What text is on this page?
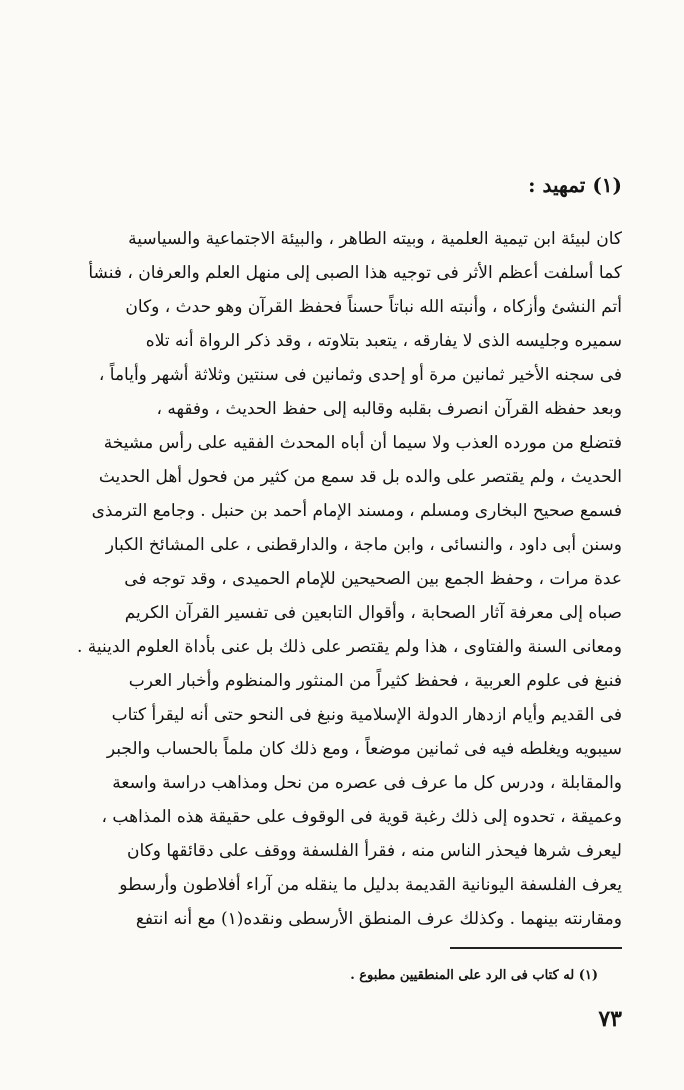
(١) تمهيد :
كان لبيئة ابن تيمية العلمية ، وبيته الطاهر ، والبيئة الاجتماعية والسياسية
كما أسلفت أعظم الأثر فى توجيه هذا الصبى إلى منهل العلم والعرفان ، فنشأ
أتم النشئ وأزكاه ، وأنبته الله نباتاً حسناً فحفظ القرآن وهو حدث ، وكان
سميره وجليسه الذى لا يفارقه ، يتعبد بتلاوته ، وقد ذكر الرواة أنه تلاه
فى سجنه الأخير ثمانين مرة أو إحدى وثمانين فى سنتين وثلاثة أشهر وأياماً ،
وبعد حفظه القرآن انصرف بقلبه وقالبه إلى حفظ الحديث ، وفقهه ،
فتضلع من مورده العذب ولا سيما أن أباه المحدث الفقيه على رأس مشيخة
الحديث ، ولم يقتصر على والده بل قد سمع من كثير من فحول أهل الحديث
فسمع صحيح البخارى ومسلم ، ومسند الإمام أحمد بن حنبل . وجامع الترمذى
وسنن أبى داود ، والنسائى ، وابن ماجة ، والدارقطنى ، على المشائخ الكبار
عدة مرات ، وحفظ الجمع بين الصحيحين للإمام الحميدى ، وقد توجه فى
صباه إلى معرفة آثار الصحابة ، وأقوال التابعين فى تفسير القرآن الكريم
ومعانى السنة والفتاوى ، هذا ولم يقتصر على ذلك بل عنى بأداة العلوم الدينية .
فنبغ فى علوم العربية ، فحفظ كثيراً من المنثور والمنظوم وأخبار العرب
فى القديم وأيام ازدهار الدولة الإسلامية ونبغ فى النحو حتى أنه ليقرأ كتاب
سيبويه ويغلطه فيه فى ثمانين موضعاً ، ومع ذلك كان ملماً بالحساب والجبر
والمقابلة ، ودرس كل ما عرف فى عصره من نحل ومذاهب دراسة واسعة
وعميقة ، تحدوه إلى ذلك رغبة قوية فى الوقوف على حقيقة هذه المذاهب ،
ليعرف شرها فيحذر الناس منه ، فقرأ الفلسفة ووقف على دقائقها وكان
يعرف الفلسفة اليونانية القديمة بدليل ما ينقله من آراء أفلاطون وأرسطو
ومقارنته بينهما . وكذلك عرف المنطق الأرسطى ونقده(١) مع أنه انتفع
(١) له كتاب فى الرد على المنطقيين مطبوع .
٧٣
